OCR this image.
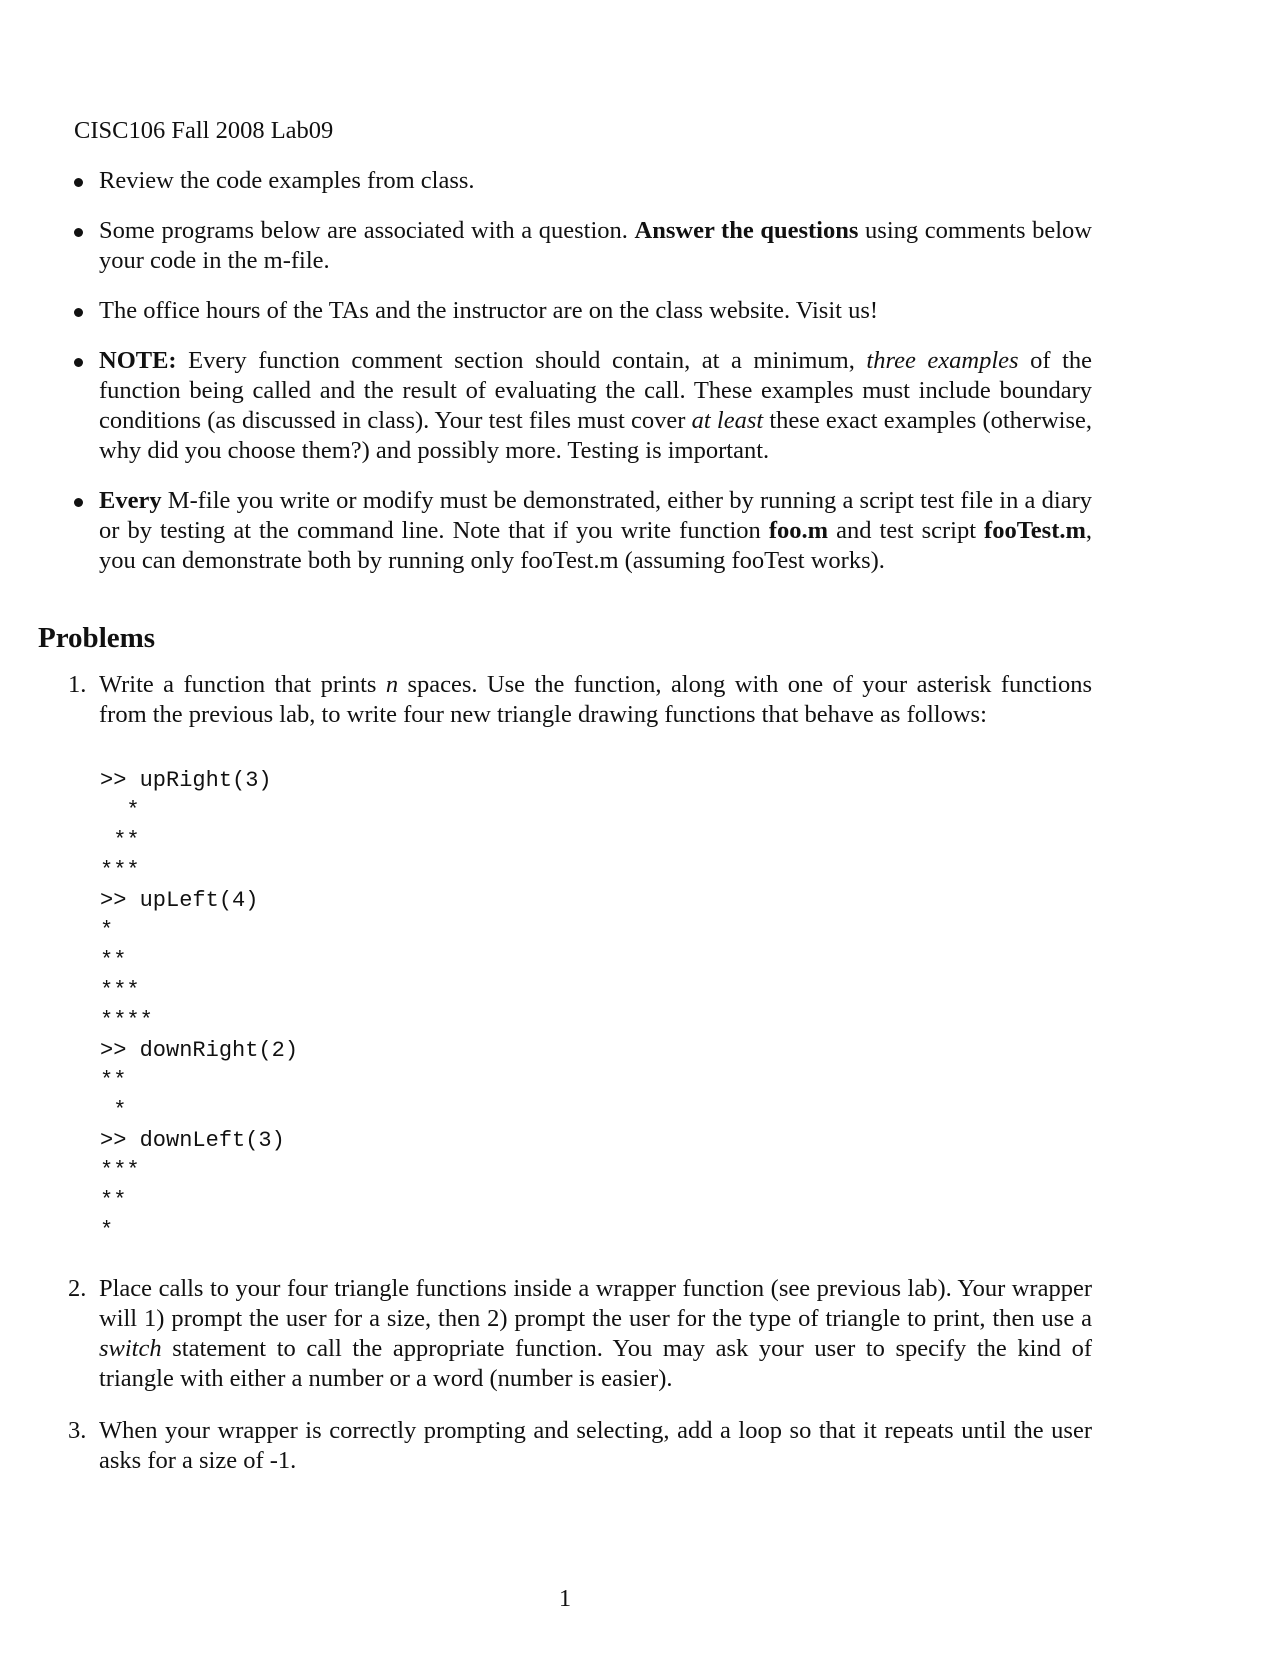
CISC106 Fall 2008 Lab09
Review the code examples from class.
Some programs below are associated with a question. Answer the questions using comments below your code in the m-file.
The office hours of the TAs and the instructor are on the class website. Visit us!
NOTE: Every function comment section should contain, at a minimum, three examples of the function being called and the result of evaluating the call. These examples must include boundary conditions (as discussed in class). Your test files must cover at least these exact examples (otherwise, why did you choose them?) and possibly more. Testing is important.
Every M-file you write or modify must be demonstrated, either by running a script test file in a diary or by testing at the command line. Note that if you write function foo.m and test script fooTest.m, you can demonstrate both by running only fooTest.m (assuming fooTest works).
Problems
1. Write a function that prints n spaces. Use the function, along with one of your asterisk functions from the previous lab, to write four new triangle drawing functions that behave as follows:
>> upRight(3)
*
**
***
>> upLeft(4)
*
**
***
****
>> downRight(2)
**
*
>> downLeft(3)
***
**
*
2. Place calls to your four triangle functions inside a wrapper function (see previous lab). Your wrapper will 1) prompt the user for a size, then 2) prompt the user for the type of triangle to print, then use a switch statement to call the appropriate function. You may ask your user to specify the kind of triangle with either a number or a word (number is easier).
3. When your wrapper is correctly prompting and selecting, add a loop so that it repeats until the user asks for a size of -1.
1
